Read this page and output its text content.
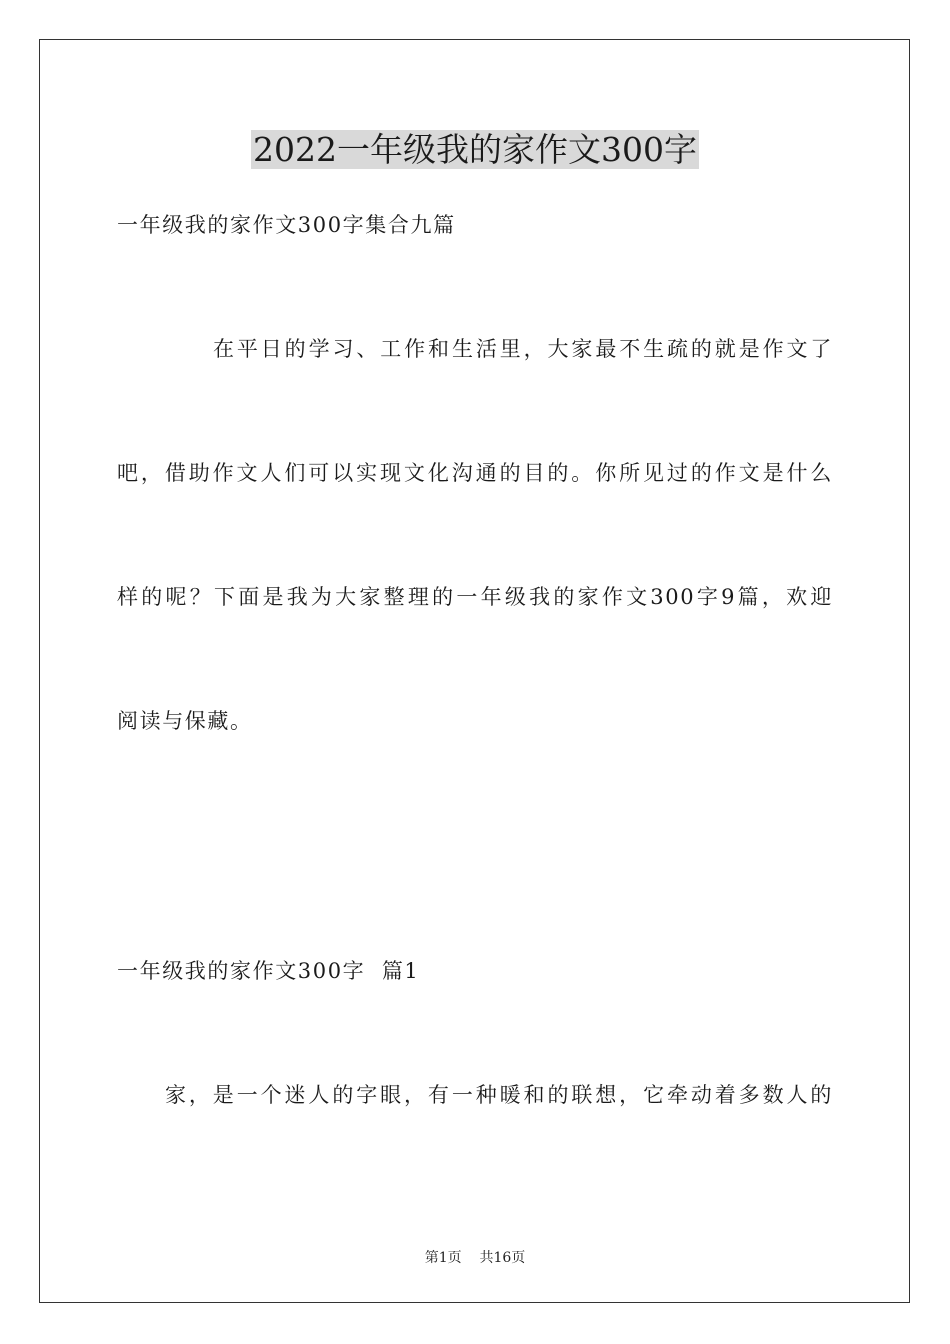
2022一年级我的家作文300字
一年级我的家作文300字集合九篇
在平日的学习、工作和生活里，大家最不生疏的就是作文了
吧，借助作文人们可以实现文化沟通的目的。你所见过的作文是什么
样的呢？下面是我为大家整理的一年级我的家作文300字9篇，欢迎
阅读与保藏。
一年级我的家作文300字  篇1
家，是一个迷人的字眼，有一种暖和的联想，它牵动着多数人的
第1页    共16页
